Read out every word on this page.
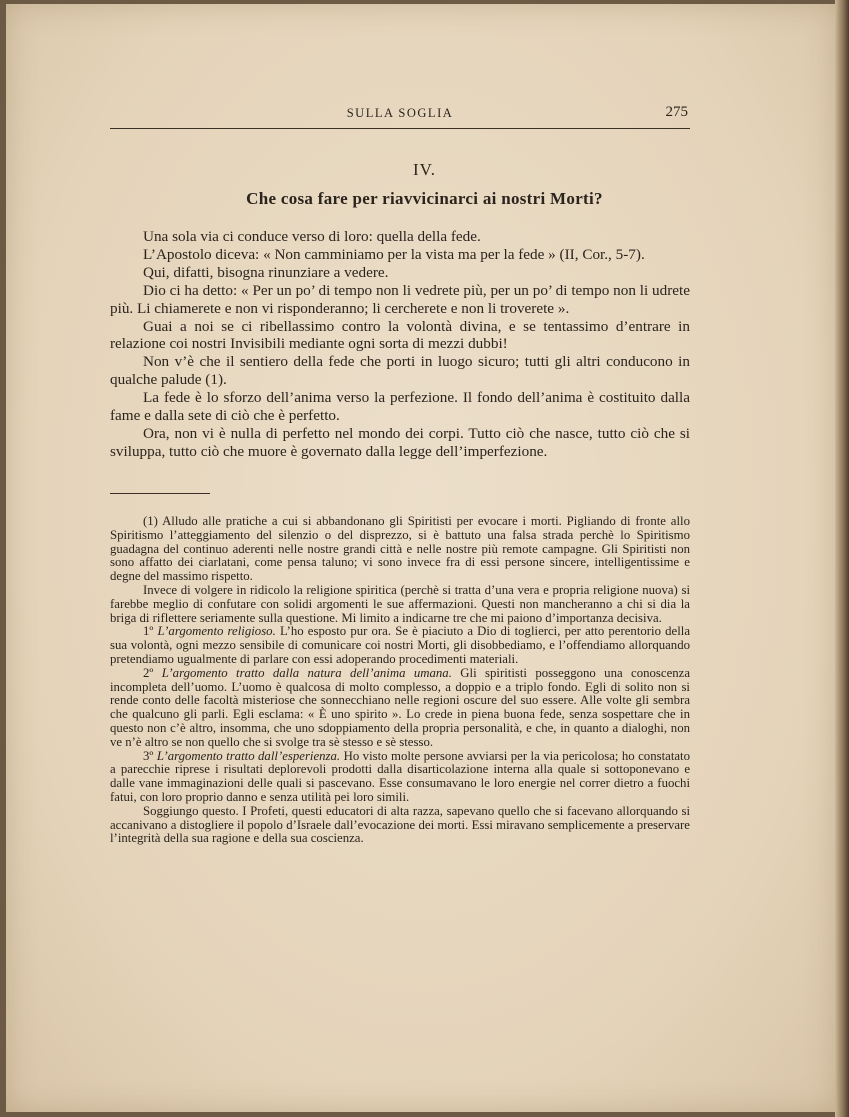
SULLA SOGLIA	275
IV.
Che cosa fare per riavvicinarci ai nostri Morti?

Una sola via ci conduce verso di loro: quella della fede.

L’Apostolo diceva: « Non camminiamo per la vista ma per la fede » (II, Cor., 5-7).

Qui, difatti, bisogna rinunziare a vedere.

Dio ci ha detto: « Per un po’ di tempo non li vedrete più, per un po’ di tempo non li udrete più. Li chiamerete e non vi risponderanno; li cercherete e non li troverete ».

Guai a noi se ci ribellassimo contro la volontà divina, e se tentassimo d’entrare in relazione coi nostri Invisibili mediante ogni sorta di mezzi dubbi!

Non v’è che il sentiero della fede che porti in luogo sicuro; tutti gli altri conducono in qualche palude (1).

La fede è lo sforzo dell’anima verso la perfezione. Il fondo dell’anima è costituito dalla fame e dalla sete di ciò che è perfetto.

Ora, non vi è nulla di perfetto nel mondo dei corpi. Tutto ciò che nasce, tutto ciò che si sviluppa, tutto ciò che muore è governato dalla legge dell’imperfezione.

(1) Alludo alle pratiche a cui si abbandonano gli Spiritisti per evocare i morti. Pigliando di fronte allo Spiritismo l’atteggiamento del silenzio o del disprezzo, si è battuto una falsa strada perchè lo Spiritismo guadagna del continuo aderenti nelle nostre grandi città e nelle nostre più remote campagne. Gli Spiritisti non sono affatto dei ciarlatani, come pensa taluno; vi sono invece fra di essi persone sincere, intelligentissime e degne del massimo rispetto.

Invece di volgere in ridicolo la religione spiritica (perchè si tratta d’una vera e propria religione nuova) si farebbe meglio di confutare con solidi argomenti le sue affermazioni. Questi non mancheranno a chi si dia la briga di riflettere seriamente sulla questione. Mi limito a indicarne tre che mi paiono d’importanza decisiva.

1º L’argomento religioso. L’ho esposto pur ora. Se è piaciuto a Dio di toglierci, per atto perentorio della sua volontà, ogni mezzo sensibile di comunicare coi nostri Morti, gli disobbediamo, e l’offendiamo allorquando pretendiamo ugualmente di parlare con essi adoperando procedimenti materiali.

2º L’argomento tratto dalla natura dell’anima umana. Gli spiritisti posseggono una conoscenza incompleta dell’uomo. L’uomo è qualcosa di molto complesso, a doppio e a triplo fondo. Egli di solito non si rende conto delle facoltà misteriose che sonnecchiano nelle regioni oscure del suo essere. Alle volte gli sembra che qualcuno gli parli. Egli esclama: « È uno spirito ». Lo crede in piena buona fede, senza sospettare che in questo non c’è altro, insomma, che uno sdoppiamento della propria personalità, e che, in quanto a dialoghi, non ve n’è altro se non quello che si svolge tra sè stesso e sè stesso.

3º L’argomento tratto dall’esperienza. Ho visto molte persone avviarsi per la via pericolosa; ho constatato a parecchie riprese i risultati deplorevoli prodotti dalla disarticolazione interna alla quale si sottoponevano e dalle vane immaginazioni delle quali si pascevano. Esse consumavano le loro energie nel correr dietro a fuochi fatui, con loro proprio danno e senza utilità pei loro simili.

Soggiungo questo. I Profeti, questi educatori di alta razza, sapevano quello che si facevano allorquando si accanivano a distogliere il popolo d’Israele dall’evocazione dei morti. Essi miravano semplicemente a preservare l’integrità della sua ragione e della sua coscienza.
